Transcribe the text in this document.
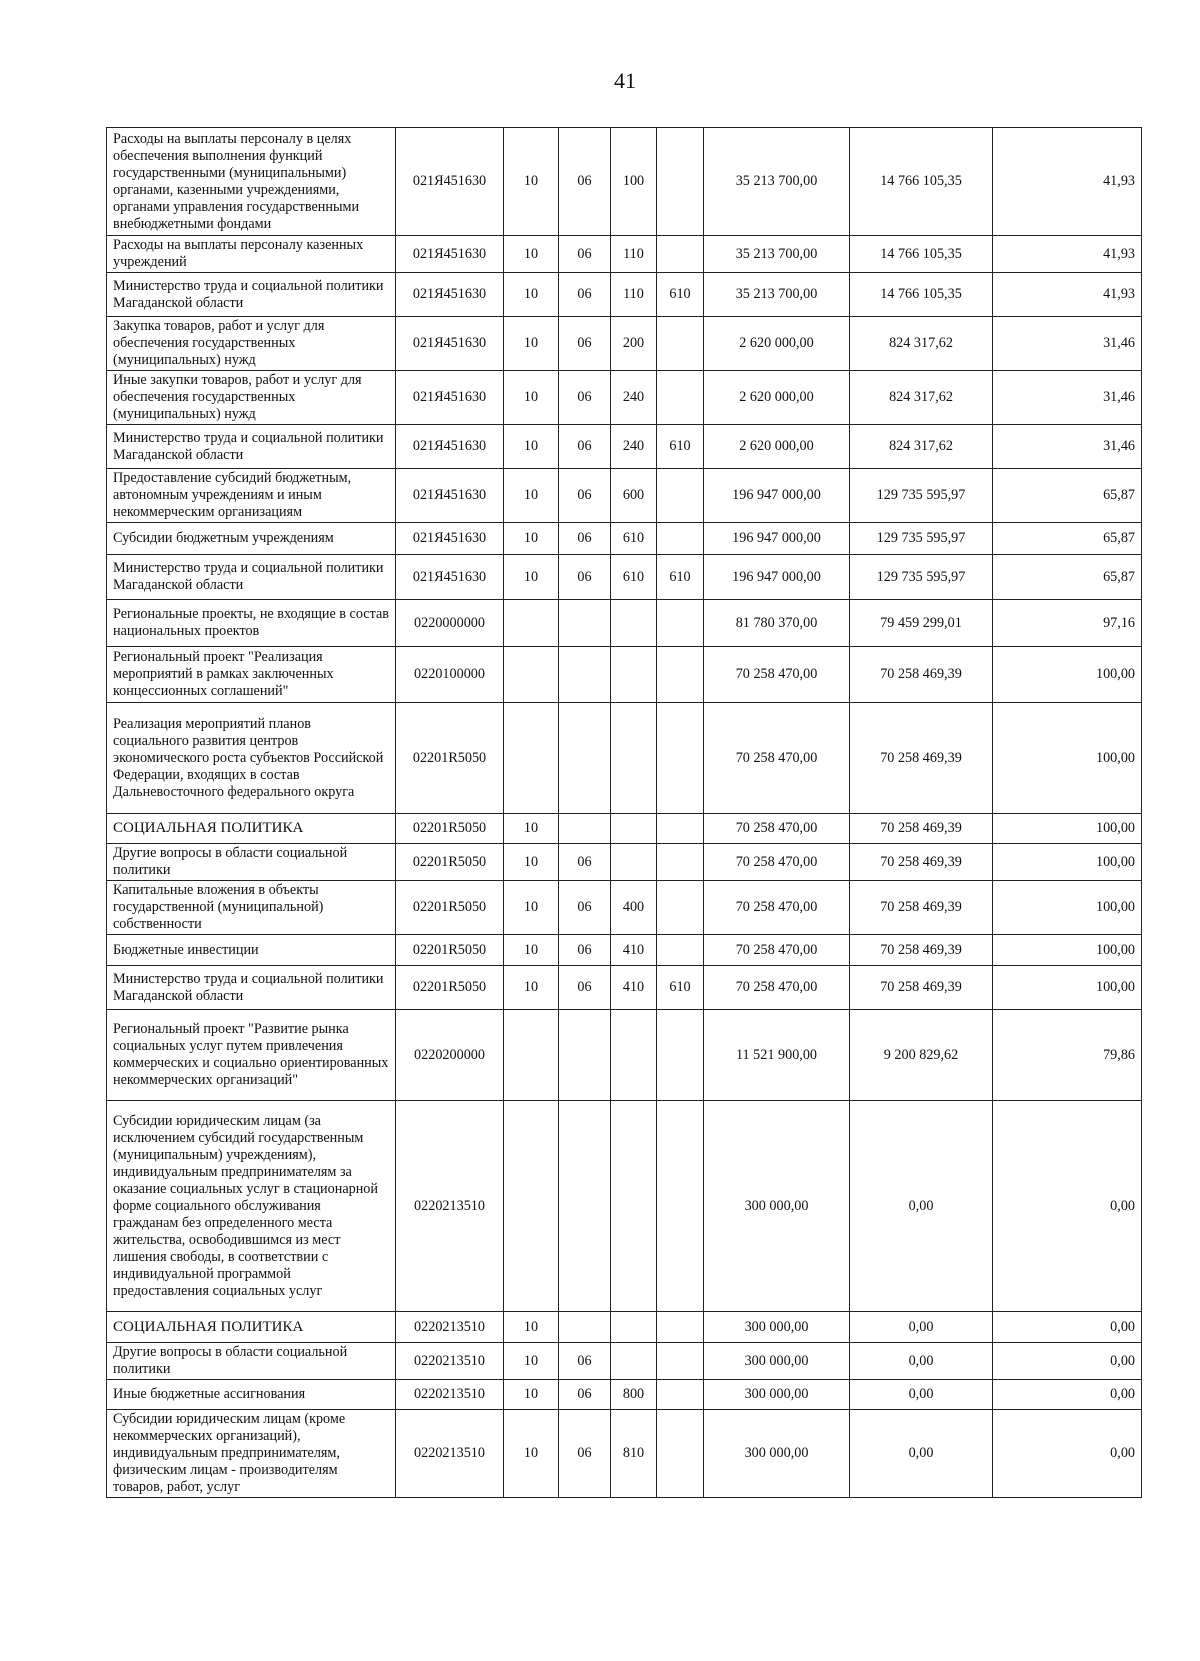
41
Расходы на выплаты персоналу в целях обеспечения выполнения функций государственными (муниципальными) органами, казенными учреждениями, органами управления государственными внебюджетными фондами	021Я451630	10	06	100		35 213 700,00	14 766 105,35	41,93
Расходы на выплаты персоналу казенных учреждений	021Я451630	10	06	110		35 213 700,00	14 766 105,35	41,93
Министерство труда и социальной политики Магаданской области	021Я451630	10	06	110	610	35 213 700,00	14 766 105,35	41,93
Закупка товаров, работ и услуг для обеспечения государственных (муниципальных) нужд	021Я451630	10	06	200		2 620 000,00	824 317,62	31,46
Иные закупки товаров, работ и услуг для обеспечения государственных (муниципальных) нужд	021Я451630	10	06	240		2 620 000,00	824 317,62	31,46
Министерство труда и социальной политики Магаданской области	021Я451630	10	06	240	610	2 620 000,00	824 317,62	31,46
Предоставление субсидий бюджетным, автономным учреждениям и иным некоммерческим организациям	021Я451630	10	06	600		196 947 000,00	129 735 595,97	65,87
Субсидии бюджетным учреждениям	021Я451630	10	06	610		196 947 000,00	129 735 595,97	65,87
Министерство труда и социальной политики Магаданской области	021Я451630	10	06	610	610	196 947 000,00	129 735 595,97	65,87
Региональные проекты, не входящие в состав национальных проектов	0220000000					81 780 370,00	79 459 299,01	97,16
Региональный проект "Реализация мероприятий в рамках заключенных концессионных соглашений"	0220100000					70 258 470,00	70 258 469,39	100,00
Реализация мероприятий планов социального развития центров экономического роста субъектов Российской Федерации, входящих в состав Дальневосточного федерального округа	02201R5050					70 258 470,00	70 258 469,39	100,00
СОЦИАЛЬНАЯ ПОЛИТИКА	02201R5050	10				70 258 470,00	70 258 469,39	100,00
Другие вопросы в области социальной политики	02201R5050	10	06			70 258 470,00	70 258 469,39	100,00
Капитальные вложения в объекты государственной (муниципальной) собственности	02201R5050	10	06	400		70 258 470,00	70 258 469,39	100,00
Бюджетные инвестиции	02201R5050	10	06	410		70 258 470,00	70 258 469,39	100,00
Министерство труда и социальной политики Магаданской области	02201R5050	10	06	410	610	70 258 470,00	70 258 469,39	100,00
Региональный проект "Развитие рынка социальных услуг путем привлечения коммерческих и социально ориентированных некоммерческих организаций"	0220200000					11 521 900,00	9 200 829,62	79,86
Субсидии юридическим лицам (за исключением субсидий государственным (муниципальным) учреждениям), индивидуальным предпринимателям за оказание социальных услуг в стационарной форме социального обслуживания гражданам без определенного места жительства, освободившимся из мест лишения свободы, в соответствии с индивидуальной программой предоставления социальных услуг	0220213510					300 000,00	0,00	0,00
СОЦИАЛЬНАЯ ПОЛИТИКА	0220213510	10				300 000,00	0,00	0,00
Другие вопросы в области социальной политики	0220213510	10	06			300 000,00	0,00	0,00
Иные бюджетные ассигнования	0220213510	10	06	800		300 000,00	0,00	0,00
Субсидии юридическим лицам (кроме некоммерческих организаций), индивидуальным предпринимателям, физическим лицам - производителям товаров, работ, услуг	0220213510	10	06	810		300 000,00	0,00	0,00
